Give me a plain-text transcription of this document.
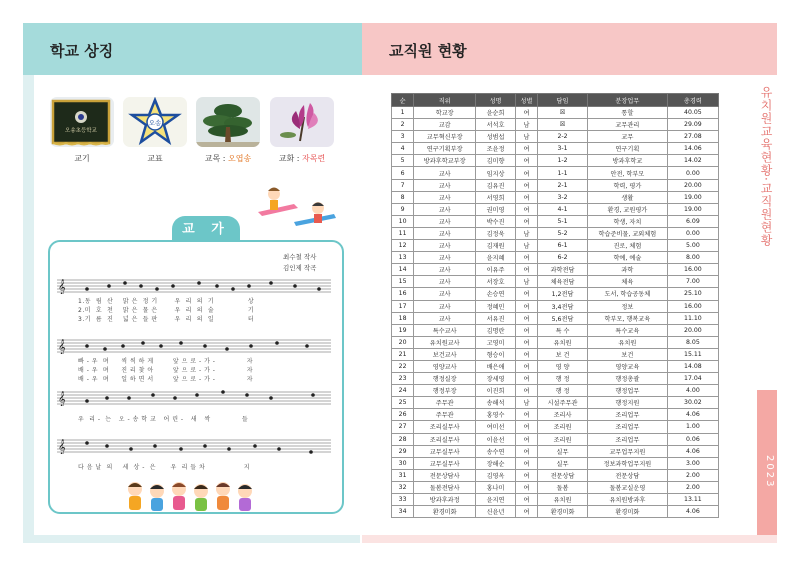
학교 상징	교직원 현황
유치원교육현황·교직원현황
2023
오송초등학교
교기
오송
교표	교목 : 오엽송	교화 : 자목련
교 가
최수철 작사
김인제 작곡
𝄞
1.동  림  산    맑 은  정 기       우  리  의  기              상
2.미  호  천    맑 은  물 은       우  리  의  술              기
3.기  름  진    넓 은  들 판       우  리  의  일              터
𝄞
빠 - 우  며     씩 씩 하 게        앞 으 로 - 가 -             자
배 - 우  며     진 리 찾 아        앞 으 로 - 가 -             자
배 - 우  며     일 하 면 서        앞 으 로 - 가 -             자
𝄞
우  리 -  는   오 - 송 학 교   어 린 -   새   싹             들
𝄞
다 음 날  의    세  상 -  은      우  리 들 차                지
순	직위	성명	성별	담임	분장업무	총경력
1	학교장	윤순희	여	☒	통할	40.05
2	교감	서석호	남	☒	교무관리	29.09
3	교무혁신부장	성범섭	남	2-2	교무	27.08
4	연구기획부장	조윤정	여	3-1	연구기획	14.06
5	방과후학교부장	김미향	여	1-2	방과후학교	14.02
6	교사	임지상	여	1-1	안전, 학부모	0.00
7	교사	김유진	여	2-1	학력, 평가	20.00
8	교사	서영희	여	3-2	생활	19.00
9	교사	권미영	여	4-1	환경, 교원평가	19.00
10	교사	박수진	여	5-1	학생, 자치	6.09
11	교사	김정욱	남	5-2	학습준비물, 교외체험	0.00
12	교사	김재원	남	6-1	진로, 체험	5.00
13	교사	윤지혜	여	6-2	학예, 예술	8.00
14	교사	이유주	여	과학전담	과학	16.00
15	교사	서장호	남	체육전담	체육	7.00
16	교사	손승연	여	1,2전담	도서, 학습공동체	25.10
17	교사	정혜민	여	3,4전담	정보	16.00
18	교사	서유진	여	5,6전담	학부모, 행복교육	11.10
19	특수교사	김명란	여	특 수	특수교육	20.00
20	유치원교사	고영미	여	유치원	유치원	8.05
21	보건교사	형승이	여	보 건	보건	15.11
22	영양교사	배은애	여	영 양	영양교육	14.08
23	행정실장	장세영	여	행 정	행정총괄	17.04
24	행정부장	이진희	여	행 정	행정업무	4.00
25	주무관	송해석	남	시설주무관	행정지원	30.02
26	주무관	홍영수	여	조리사	조리업무	4.06
27	조리실무사	여미선	여	조리원	조리업무	1.00
28	조리실무사	이윤선	여	조리원	조리업무	0.06
29	교무실무사	송수연	여	실무	교무업무지원	4.06
30	교무실무사	장해순	여	실무	정보과학업무지원	3.00
31	전문상담사	김영옥	여	전문상담	전문상담	2.00
32	돌봄전담사	홍나미	여	돌봄	돌봄교실운영	2.00
33	방과후과정	윤지연	여	유치원	유치원방과후	13.11
34	환경미화	신윤년	여	환경미화	환경미화	4.06
